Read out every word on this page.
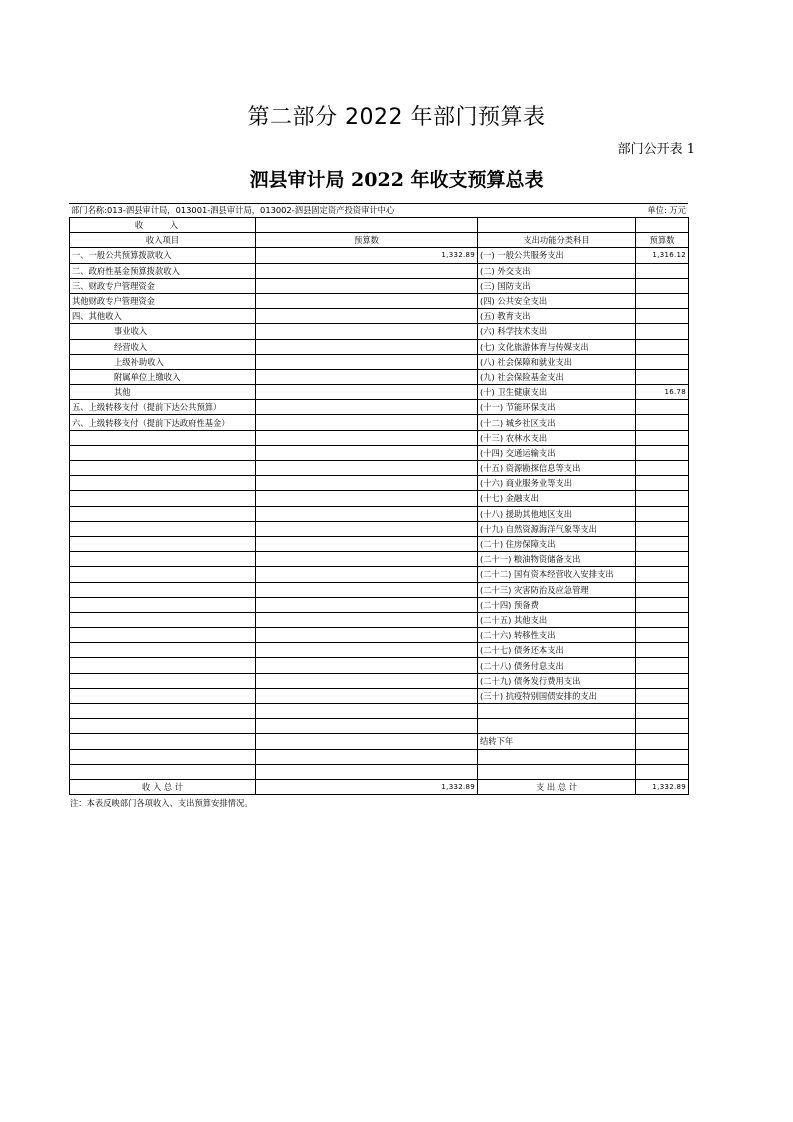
第二部分 2022 年部门预算表
部门公开表 1
泗县审计局 2022 年收支预算总表
部门名称:013-泗县审计局，013001-泗县审计局，013002-泗县固定资产投资审计中心	单位: 万元
收 入			
收入项目	预算数	支出功能分类科目	预算数
一、一般公共预算拨款收入	1,332.89	(一) 一般公共服务支出	1,316.12
二、政府性基金预算拨款收入		(二) 外交支出	
三、财政专户管理资金		(三) 国防支出	
其他财政专户管理资金		(四) 公共安全支出	
四、其他收入		(五) 教育支出	
事业收入		(六) 科学技术支出	
经营收入		(七) 文化旅游体育与传媒支出	
上级补助收入		(八) 社会保障和就业支出	
附属单位上缴收入		(九) 社会保险基金支出	
其他		(十) 卫生健康支出	16.78
五、上级转移支付（提前下达公共预算）		(十一) 节能环保支出	
六、上级转移支付（提前下达政府性基金）		(十二) 城乡社区支出	
		(十三) 农林水支出	
		(十四) 交通运输支出	
		(十五) 资源勘探信息等支出	
		(十六) 商业服务业等支出	
		(十七) 金融支出	
		(十八) 援助其他地区支出	
		(十九) 自然资源海洋气象等支出	
		(二十) 住房保障支出	
		(二十一) 粮油物资储备支出	
		(二十二) 国有资本经营收入安排支出	
		(二十三) 灾害防治及应急管理	
		(二十四) 预备费	
		(二十五) 其他支出	
		(二十六) 转移性支出	
		(二十七) 债务还本支出	
		(二十八) 债务付息支出	
		(二十九) 债务发行费用支出	
		(三十) 抗疫特别国债安排的支出	

		结转下年	

收 入 总 计	1,332.89	支 出 总 计	1,332.89
注：本表反映部门各项收入、支出预算安排情况。
